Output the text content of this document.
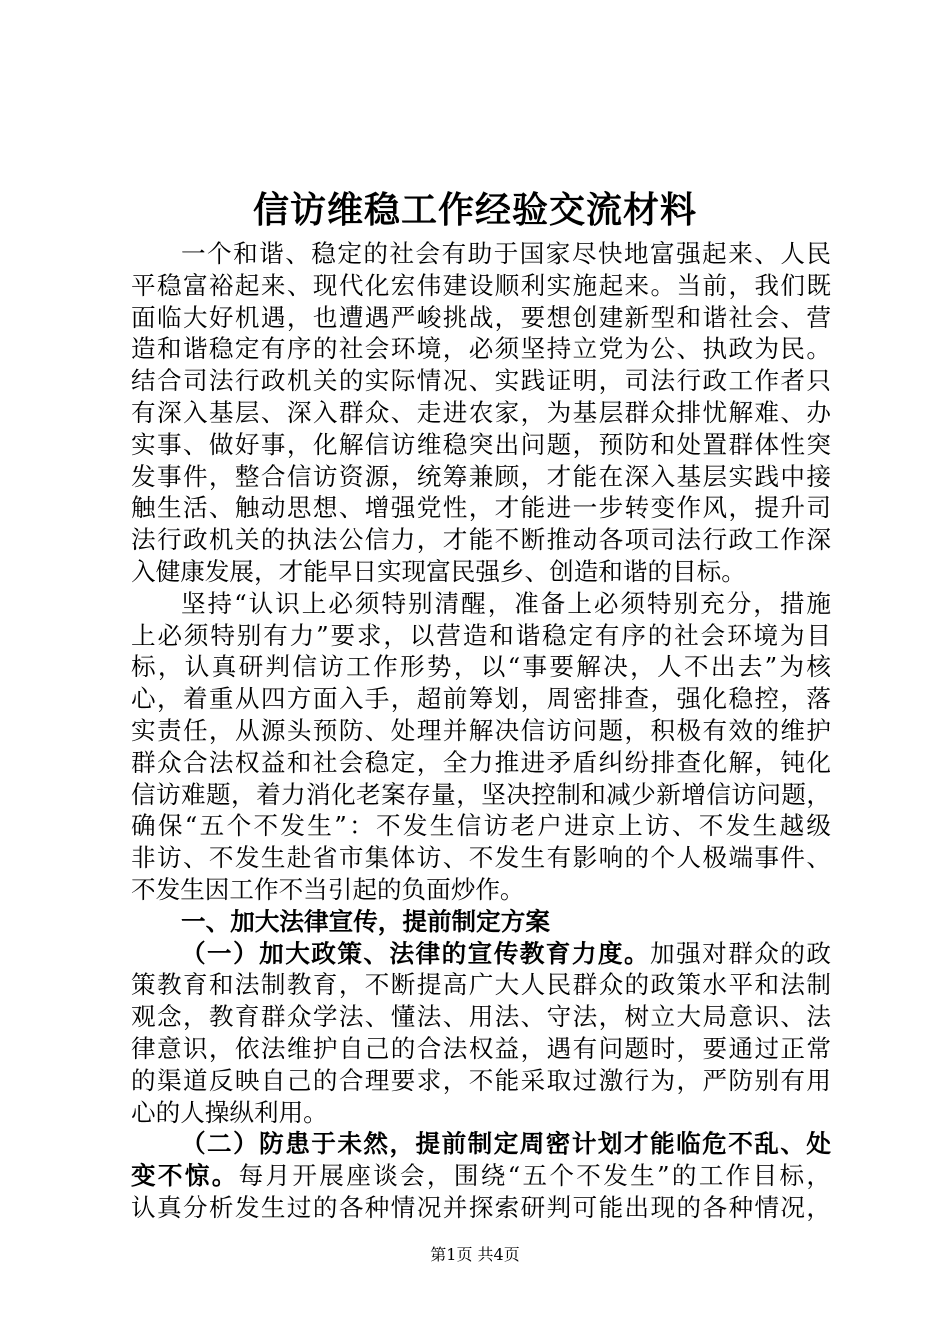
信访维稳工作经验交流材料
一个和谐、稳定的社会有助于国家尽快地富强起来、人民
平稳富裕起来、现代化宏伟建设顺利实施起来。当前，我们既
面临大好机遇，也遭遇严峻挑战，要想创建新型和谐社会、营
造和谐稳定有序的社会环境，必须坚持立党为公、执政为民。
结合司法行政机关的实际情况、实践证明，司法行政工作者只
有深入基层、深入群众、走进农家，为基层群众排忧解难、办
实事、做好事，化解信访维稳突出问题，预防和处置群体性突
发事件，整合信访资源，统筹兼顾，才能在深入基层实践中接
触生活、触动思想、增强党性，才能进一步转变作风，提升司
法行政机关的执法公信力，才能不断推动各项司法行政工作深
入健康发展，才能早日实现富民强乡、创造和谐的目标。
坚持“认识上必须特别清醒，准备上必须特别充分，措施
上必须特别有力”要求，以营造和谐稳定有序的社会环境为目
标，认真研判信访工作形势，以“事要解决，人不出去”为核
心，着重从四方面入手，超前筹划，周密排查，强化稳控，落
实责任，从源头预防、处理并解决信访问题，积极有效的维护
群众合法权益和社会稳定，全力推进矛盾纠纷排查化解，钝化
信访难题，着力消化老案存量，坚决控制和减少新增信访问题，
确保“五个不发生”：不发生信访老户进京上访、不发生越级
非访、不发生赴省市集体访、不发生有影响的个人极端事件、
不发生因工作不当引起的负面炒作。
一、加大法律宣传，提前制定方案
（一）加大政策、法律的宣传教育力度。加强对群众的政
策教育和法制教育，不断提高广大人民群众的政策水平和法制
观念，教育群众学法、懂法、用法、守法，树立大局意识、法
律意识，依法维护自己的合法权益，遇有问题时，要通过正常
的渠道反映自己的合理要求，不能采取过激行为，严防别有用
心的人操纵利用。
（二）防患于未然，提前制定周密计划才能临危不乱、处
变不惊。每月开展座谈会，围绕“五个不发生”的工作目标，
认真分析发生过的各种情况并探索研判可能出现的各种情况，
第1页 共4页
